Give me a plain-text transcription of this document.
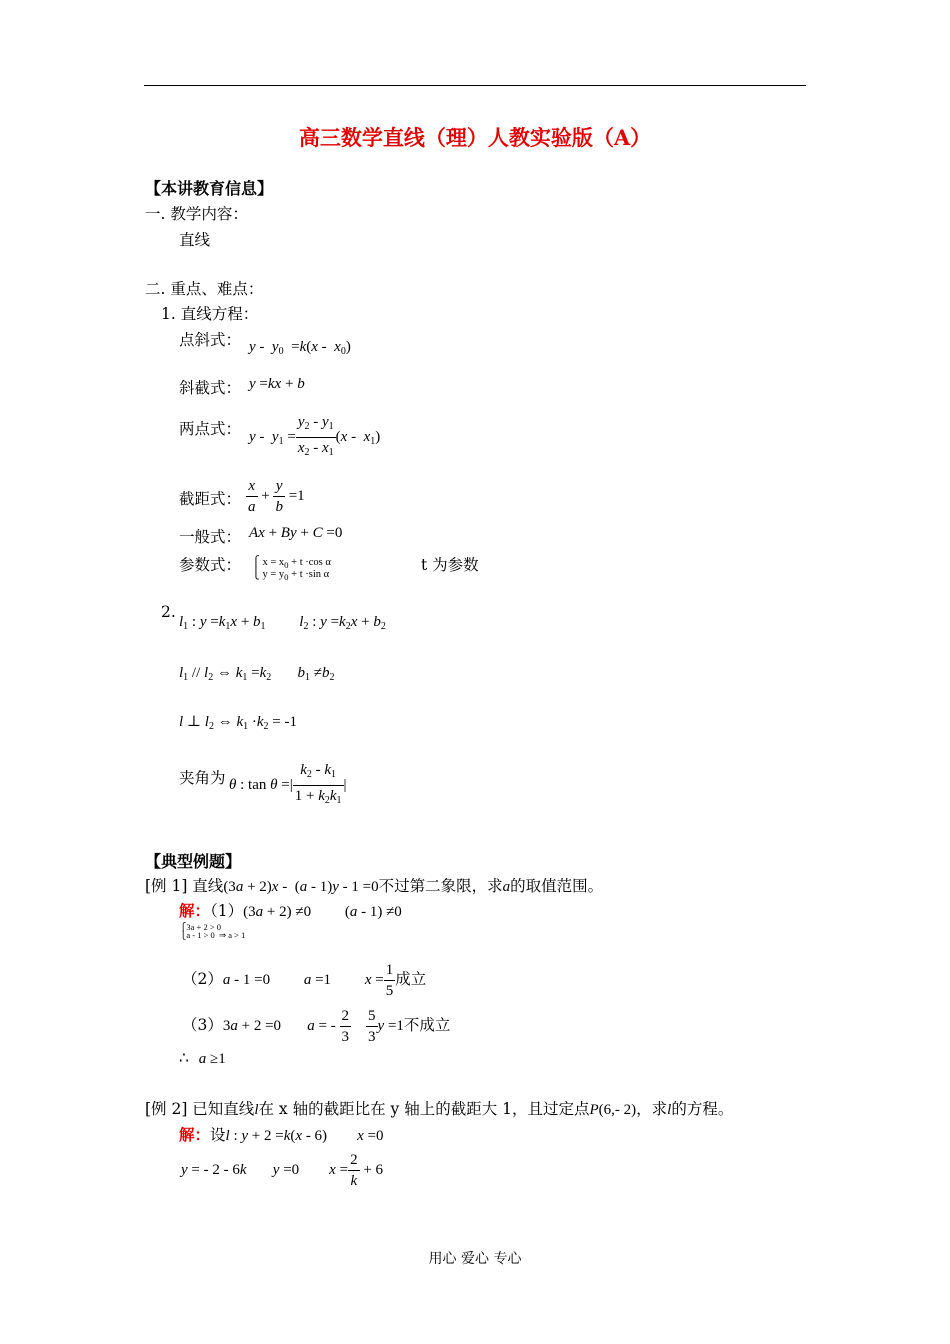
高三数学直线（理）人教实验版（A）
【本讲教育信息】
一. 教学内容：
直线
二. 重点、难点：
1. 直线方程：
点斜式： $y - y_0 =k(x - x_0)$
斜截式： y =kx + b
两点式： $y - y_1 = \frac{y_2 - y_1}{x_2 - x_1} (x - x_1)$
截距式： $\frac{x}{a} + \frac{y}{b} =1$
一般式： Ax + By + C =0
参数式： ⎧ $x = x_0 + t \cdot\cos$ α
⎩ $y = y_0 + t \cdot\sin$ α
t 为参数
2.
$l_1$ : $y =k_1x + b_1$         $l_2$ : $y =k_2x + b_2$
$l_1 // l_2$ ⇔ $k_1 =k_2$       $b_1 \ne b_2$
l ⊥ $l_2$ ⇔ $k_1 \cdot k_2 = -1$
夹角为 θ : tan θ =| $\frac{k_2 - k_1}{1 + k_2k_1}$ |
【典型例题】
[例 1] 直线(3a + 2)x - (a - 1)y - 1 =0不过第二象限，求a的取值范围。
解：（1）(3a + 2) ≠0 (a - 1) ≠0
⎧3a + 2 > 0
⎩a - 1 > 0  ⇒ a > 1
（2）a - 1 =0         a =1         $x = \frac{1}{5}$ 成立
（3）3a + 2 =0       a = - $\frac{2}{3}$
$\frac{5}{3}$ y =1不成立
∴ a ≥1
[例 2] 已知直线l在 x 轴的截距比在 y 轴上的截距大 1，且过定点P(6,- 2)，求l的方程。
解：设l : y + 2 =k(x - 6)        x =0
y = - 2 - 6k       y =0        $x = \frac{2}{k} + 6$
用心 爱心 专心
